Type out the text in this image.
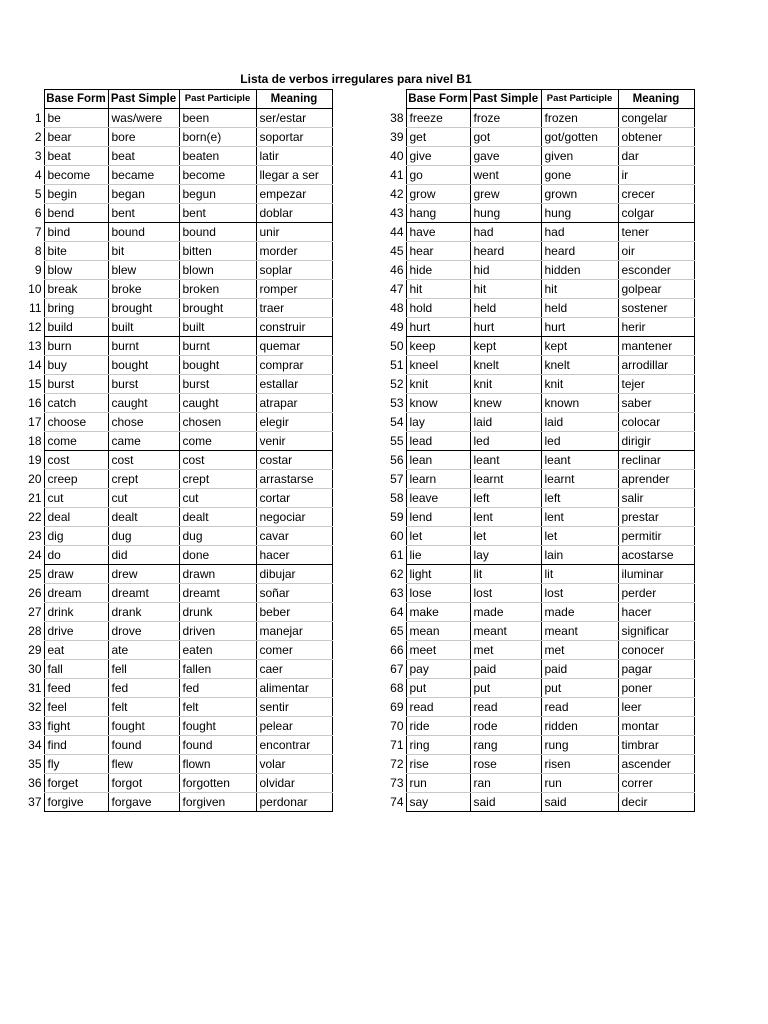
Lista de verbos irregulares para nivel B1
	Base Form	Past Simple	Past Participle	Meaning
1	be	was/were	been	ser/estar
2	bear	bore	born(e)	soportar
3	beat	beat	beaten	latir
4	become	became	become	llegar a ser
5	begin	began	begun	empezar
6	bend	bent	bent	doblar
7	bind	bound	bound	unir
8	bite	bit	bitten	morder
9	blow	blew	blown	soplar
10	break	broke	broken	romper
11	bring	brought	brought	traer
12	build	built	built	construir
13	burn	burnt	burnt	quemar
14	buy	bought	bought	comprar
15	burst	burst	burst	estallar
16	catch	caught	caught	atrapar
17	choose	chose	chosen	elegir
18	come	came	come	venir
19	cost	cost	cost	costar
20	creep	crept	crept	arrastarse
21	cut	cut	cut	cortar
22	deal	dealt	dealt	negociar
23	dig	dug	dug	cavar
24	do	did	done	hacer
25	draw	drew	drawn	dibujar
26	dream	dreamt	dreamt	soñar
27	drink	drank	drunk	beber
28	drive	drove	driven	manejar
29	eat	ate	eaten	comer
30	fall	fell	fallen	caer
31	feed	fed	fed	alimentar
32	feel	felt	felt	sentir
33	fight	fought	fought	pelear
34	find	found	found	encontrar
35	fly	flew	flown	volar
36	forget	forgot	forgotten	olvidar
37	forgive	forgave	forgiven	perdonar
	Base Form	Past Simple	Past Participle	Meaning
38	freeze	froze	frozen	congelar
39	get	got	got/gotten	obtener
40	give	gave	given	dar
41	go	went	gone	ir
42	grow	grew	grown	crecer
43	hang	hung	hung	colgar
44	have	had	had	tener
45	hear	heard	heard	oir
46	hide	hid	hidden	esconder
47	hit	hit	hit	golpear
48	hold	held	held	sostener
49	hurt	hurt	hurt	herir
50	keep	kept	kept	mantener
51	kneel	knelt	knelt	arrodillar
52	knit	knit	knit	tejer
53	know	knew	known	saber
54	lay	laid	laid	colocar
55	lead	led	led	dirigir
56	lean	leant	leant	reclinar
57	learn	learnt	learnt	aprender
58	leave	left	left	salir
59	lend	lent	lent	prestar
60	let	let	let	permitir
61	lie	lay	lain	acostarse
62	light	lit	lit	iluminar
63	lose	lost	lost	perder
64	make	made	made	hacer
65	mean	meant	meant	significar
66	meet	met	met	conocer
67	pay	paid	paid	pagar
68	put	put	put	poner
69	read	read	read	leer
70	ride	rode	ridden	montar
71	ring	rang	rung	timbrar
72	rise	rose	risen	ascender
73	run	ran	run	correr
74	say	said	said	decir
